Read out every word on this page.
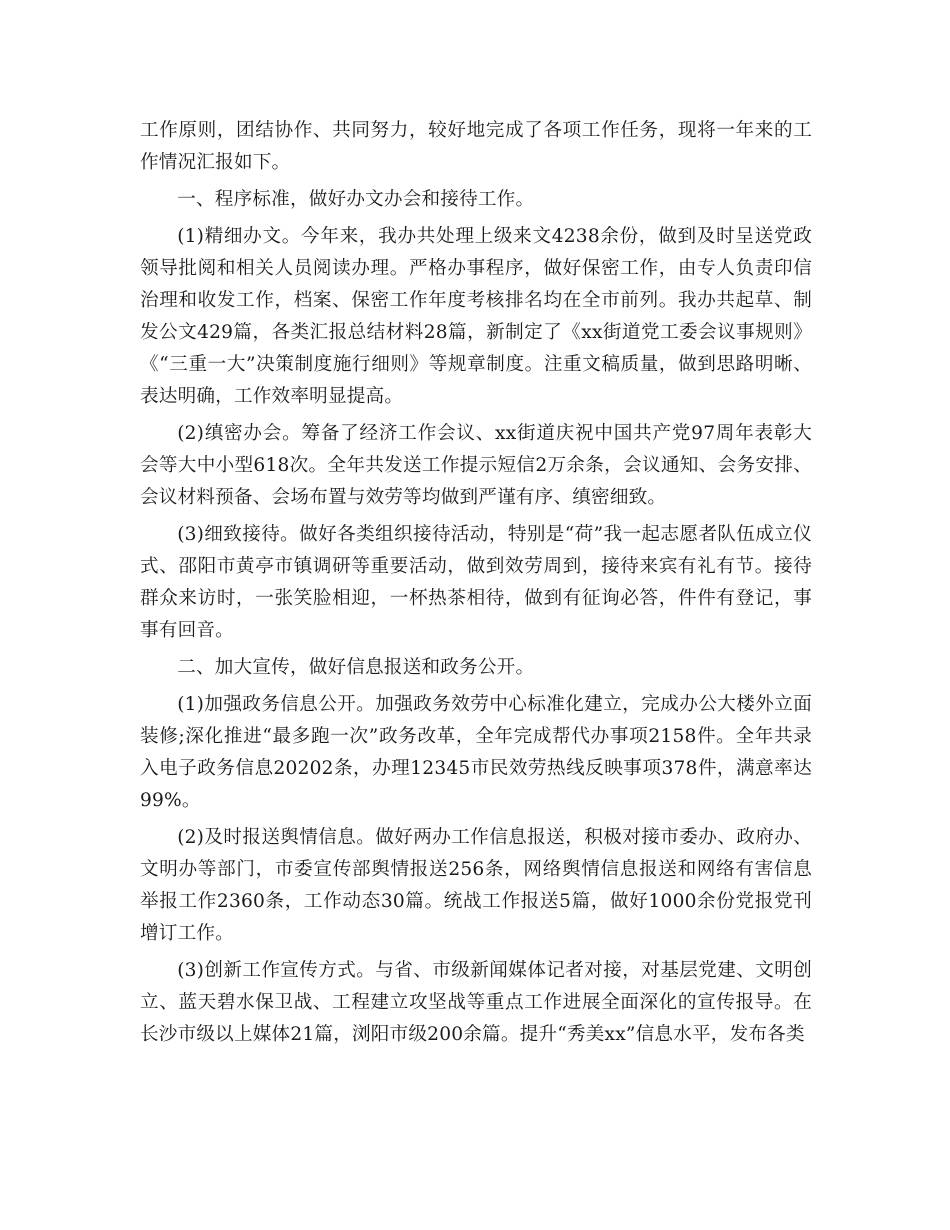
工作原则，团结协作、共同努力，较好地完成了各项工作任务，现将一年来的工作情况汇报如下。

一、程序标准，做好办文办会和接待工作。

(1)精细办文。今年来，我办共处理上级来文4238余份，做到及时呈送党政领导批阅和相关人员阅读办理。严格办事程序，做好保密工作，由专人负责印信治理和收发工作，档案、保密工作年度考核排名均在全市前列。我办共起草、制发公文429篇，各类汇报总结材料28篇，新制定了《xx街道党工委会议事规则》《“三重一大”决策制度施行细则》等规章制度。注重文稿质量，做到思路明晰、表达明确，工作效率明显提高。

(2)缜密办会。筹备了经济工作会议、xx街道庆祝中国共产党97周年表彰大会等大中小型618次。全年共发送工作提示短信2万余条，会议通知、会务安排、会议材料预备、会场布置与效劳等均做到严谨有序、缜密细致。

(3)细致接待。做好各类组织接待活动，特别是“荷”我一起志愿者队伍成立仪式、邵阳市黄亭市镇调研等重要活动，做到效劳周到，接待来宾有礼有节。接待群众来访时，一张笑脸相迎，一杯热茶相待，做到有征询必答，件件有登记，事事有回音。

二、加大宣传，做好信息报送和政务公开。

(1)加强政务信息公开。加强政务效劳中心标准化建立，完成办公大楼外立面装修;深化推进“最多跑一次”政务改革，全年完成帮代办事项2158件。全年共录入电子政务信息20202条，办理12345市民效劳热线反映事项378件，满意率达99%。

(2)及时报送舆情信息。做好两办工作信息报送，积极对接市委办、政府办、文明办等部门，市委宣传部舆情报送256条，网络舆情信息报送和网络有害信息举报工作2360条，工作动态30篇。统战工作报送5篇，做好1000余份党报党刊增订工作。

(3)创新工作宣传方式。与省、市级新闻媒体记者对接，对基层党建、文明创立、蓝天碧水保卫战、工程建立攻坚战等重点工作进展全面深化的宣传报导。在长沙市级以上媒体21篇，浏阳市级200余篇。提升“秀美xx”信息水平，发布各类
